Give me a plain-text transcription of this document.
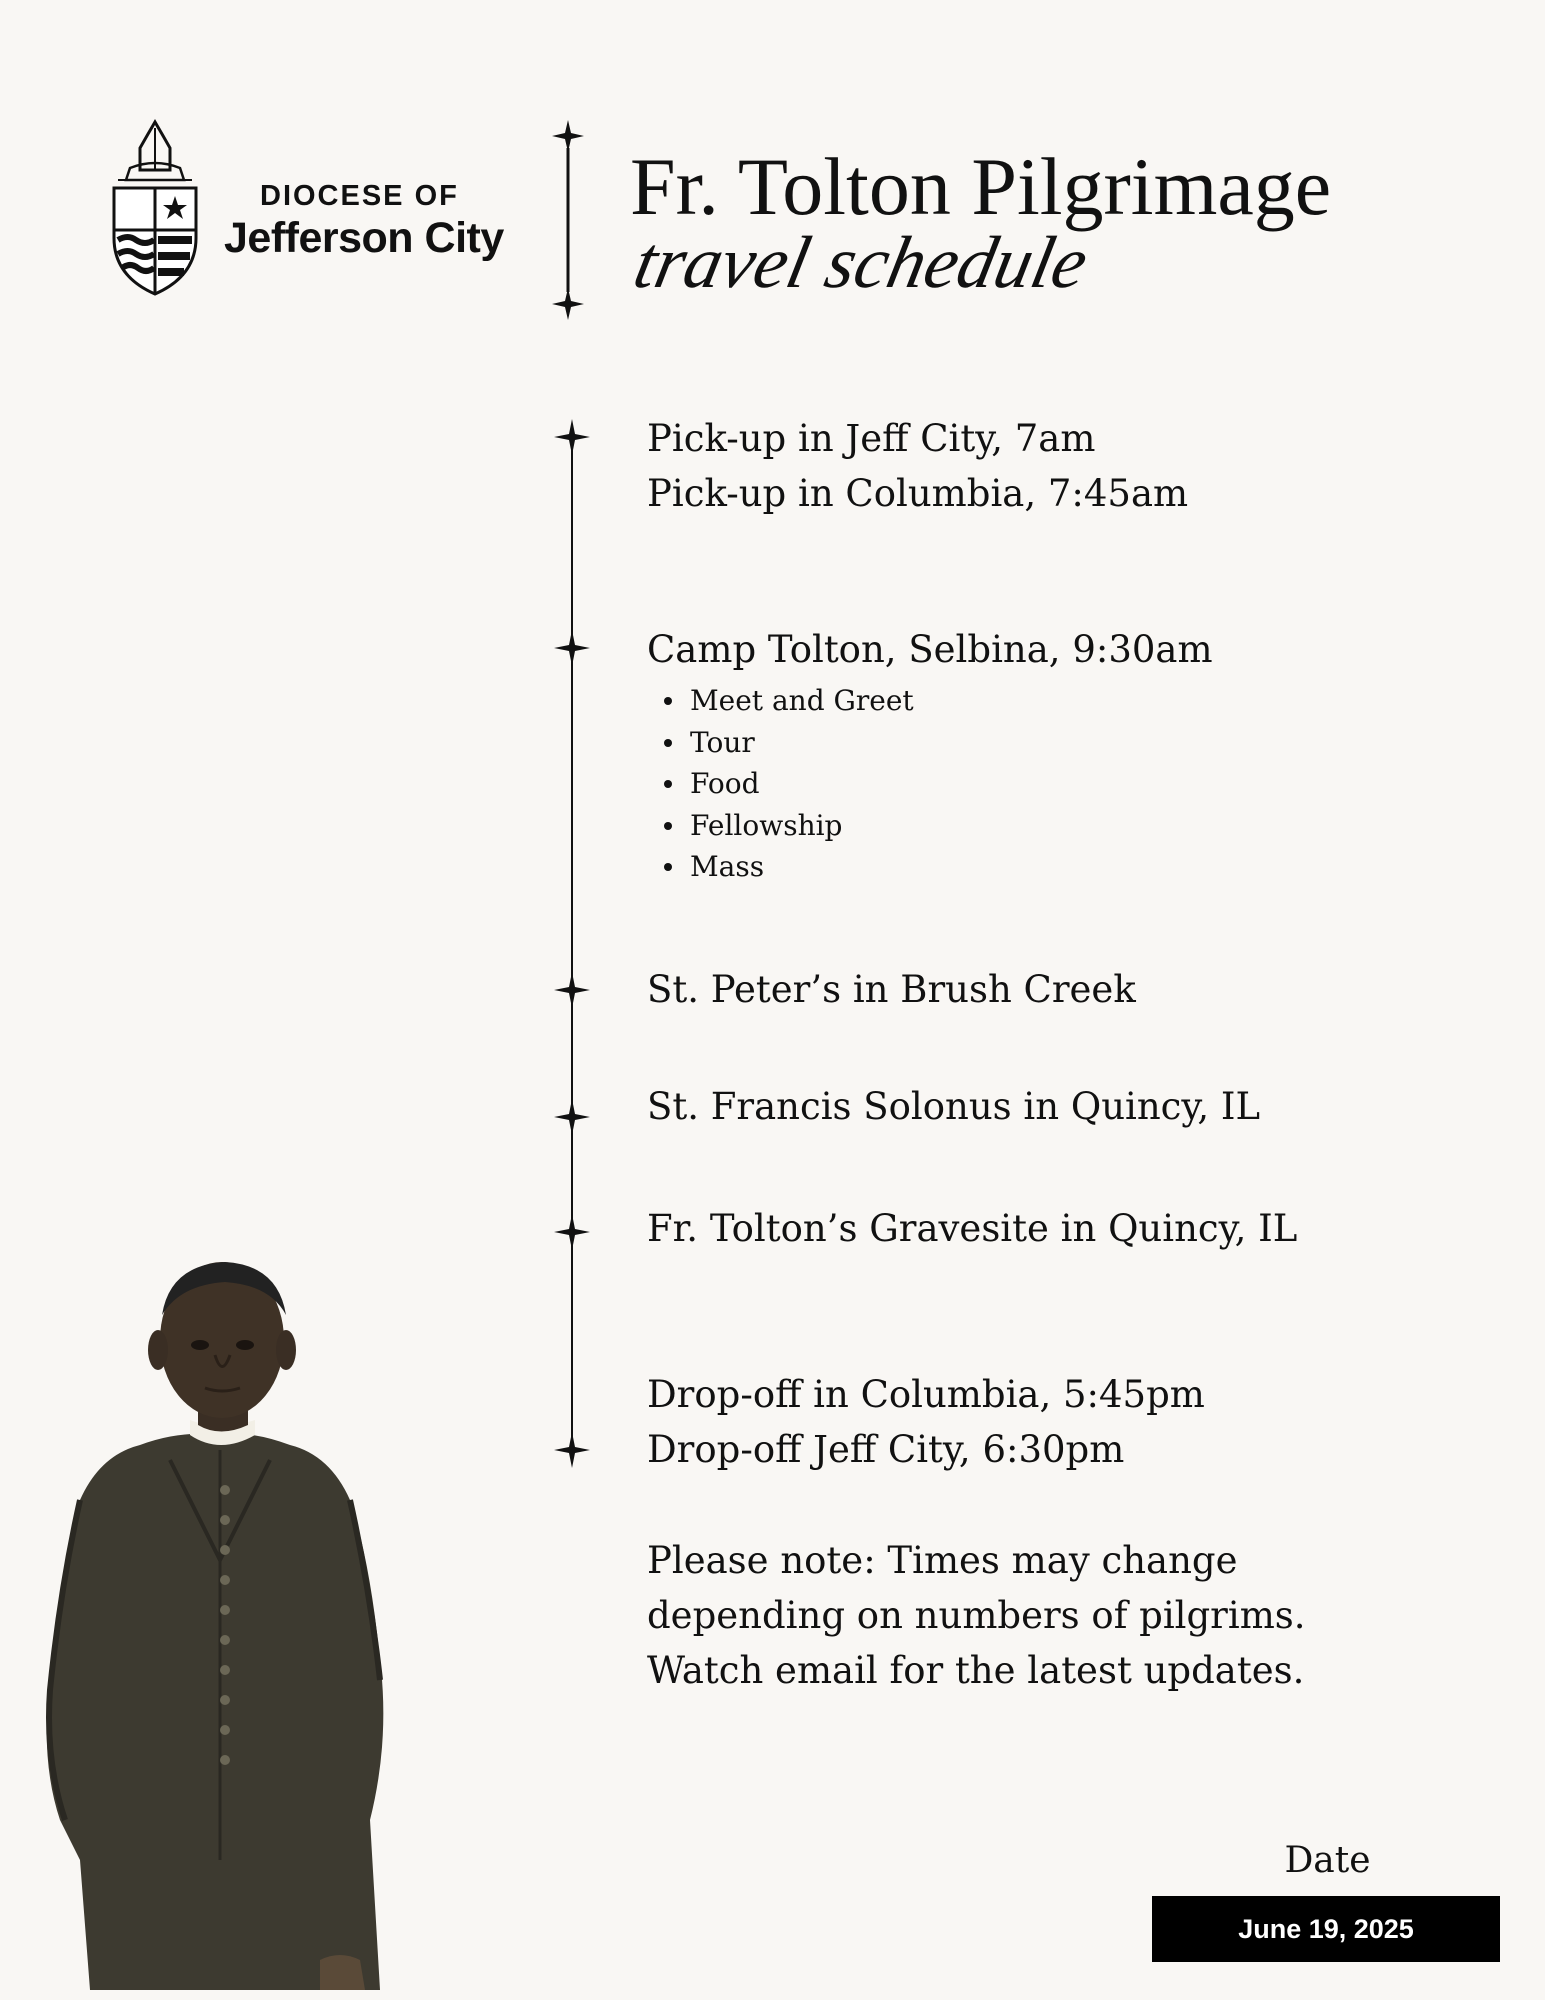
DIOCESE OF
Jefferson City
Fr. Tolton Pilgrimage
travel schedule
Pick-up in Jeff City, 7am
Pick-up in Columbia, 7:45am
Camp Tolton, Selbina, 9:30am
Meet and Greet
Tour
Food
Fellowship
Mass
St. Peter’s in Brush Creek
St. Francis Solonus in Quincy, IL
Fr. Tolton’s Gravesite in Quincy, IL
Drop-off in Columbia, 5:45pm
Drop-off Jeff City, 6:30pm
Please note: Times may change depending on numbers of pilgrims. Watch email for the latest updates.
Date
June 19, 2025
